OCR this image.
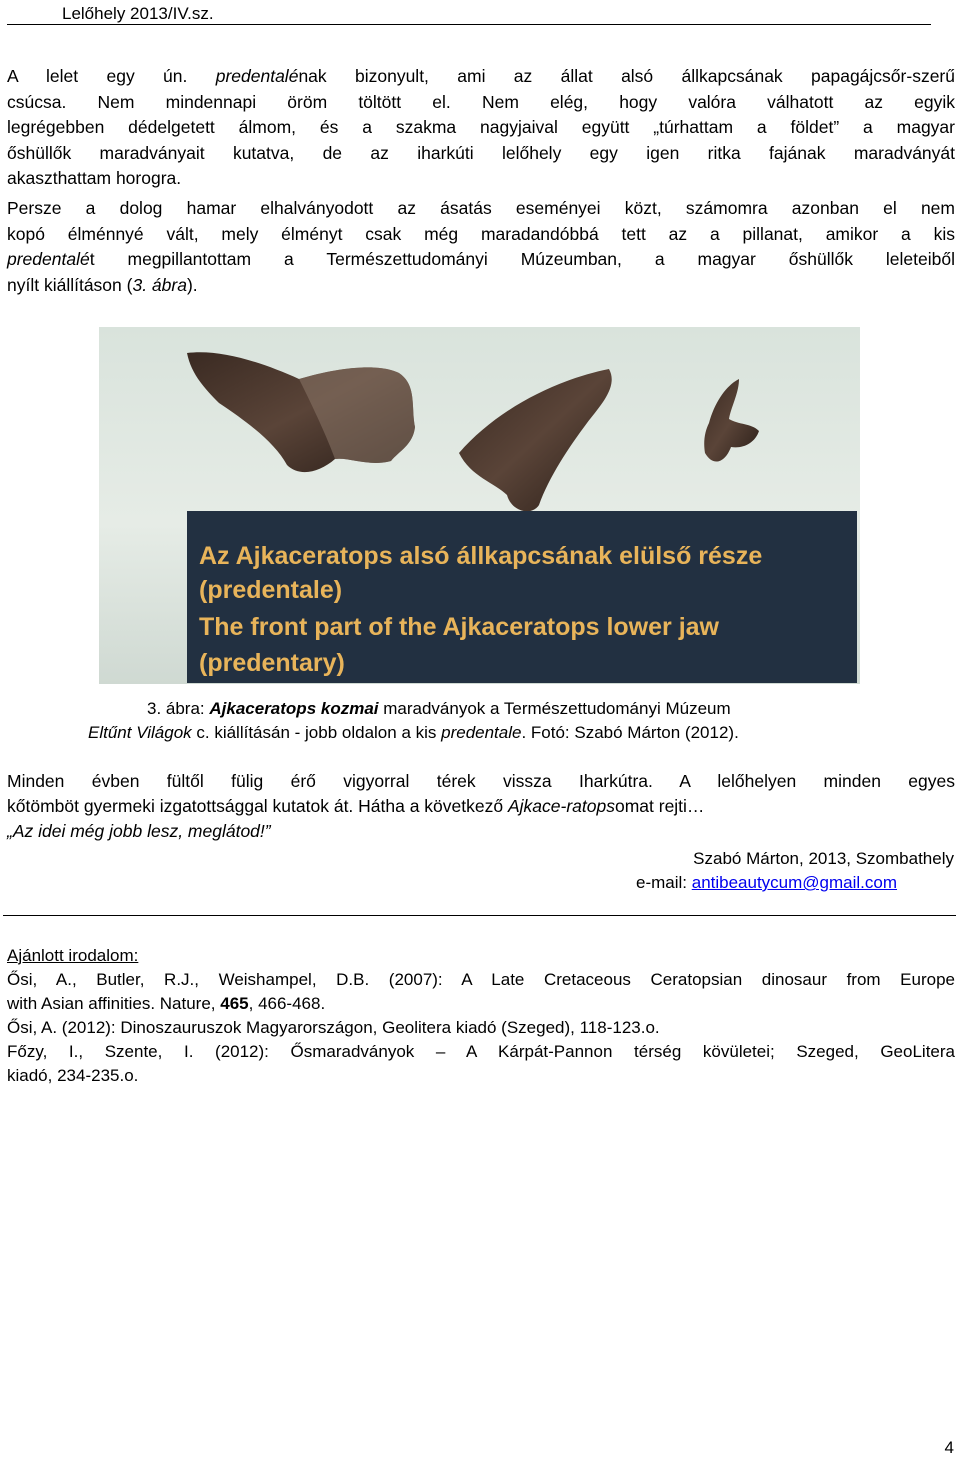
Lelőhely 2013/IV.sz.

A lelet egy ún. predentalénak bizonyult, ami az állat alsó állkapcsának papagájcsőr-szerű
csúcsa. Nem mindennapi öröm töltött el. Nem elég, hogy valóra válhatott az egyik
legrégebben dédelgetett álmom, és a szakma nagyjaival együtt „túrhattam a földet” a magyar
őshüllők maradványait kutatva, de az iharkúti lelőhely egy igen ritka fajának maradványát
akaszthattam horogra.

Persze a dolog hamar elhalványodott az ásatás eseményei közt, számomra azonban el nem
kopó élménnyé vált, mely élményt csak még maradandóbbá tett az a pillanat, amikor a kis
predentalét megpillantottam a Természettudományi Múzeumban, a magyar őshüllők leleteiből
nyílt kiállításon (3. ábra).

Az Ajkaceratops alsó állkapcsának elülső része
(predentale)
The front part of the Ajkaceratops lower jaw
(predentary)
3. ábra: Ajkaceratops kozmai maradványok a Természettudományi Múzeum
Eltűnt Világok c. kiállításán - jobb oldalon a kis predentale. Fotó: Szabó Márton (2012).

Minden évben fültől fülig érő vigyorral térek vissza Iharkútra. A lelőhelyen minden egyes
kőtömböt gyermeki izgatottsággal kutatok át. Hátha a következő Ajkace-ratopsomat rejti…
„Az idei még jobb lesz, meglátod!”

Szabó Márton, 2013, Szombathely
e-mail: antibeautycum@gmail.com
Ajánlott irodalom:
Ősi, A., Butler, R.J., Weishampel, D.B. (2007): A Late Cretaceous Ceratopsian dinosaur from Europe
with Asian affinities. Nature, 465, 466-468.
Ősi, A. (2012): Dinoszauruszok Magyarországon, Geolitera kiadó (Szeged), 118-123.o.
Főzy, I., Szente, I. (2012): Ősmaradványok – A Kárpát-Pannon térség kövületei; Szeged, GeoLitera
kiadó, 234-235.o.
4
